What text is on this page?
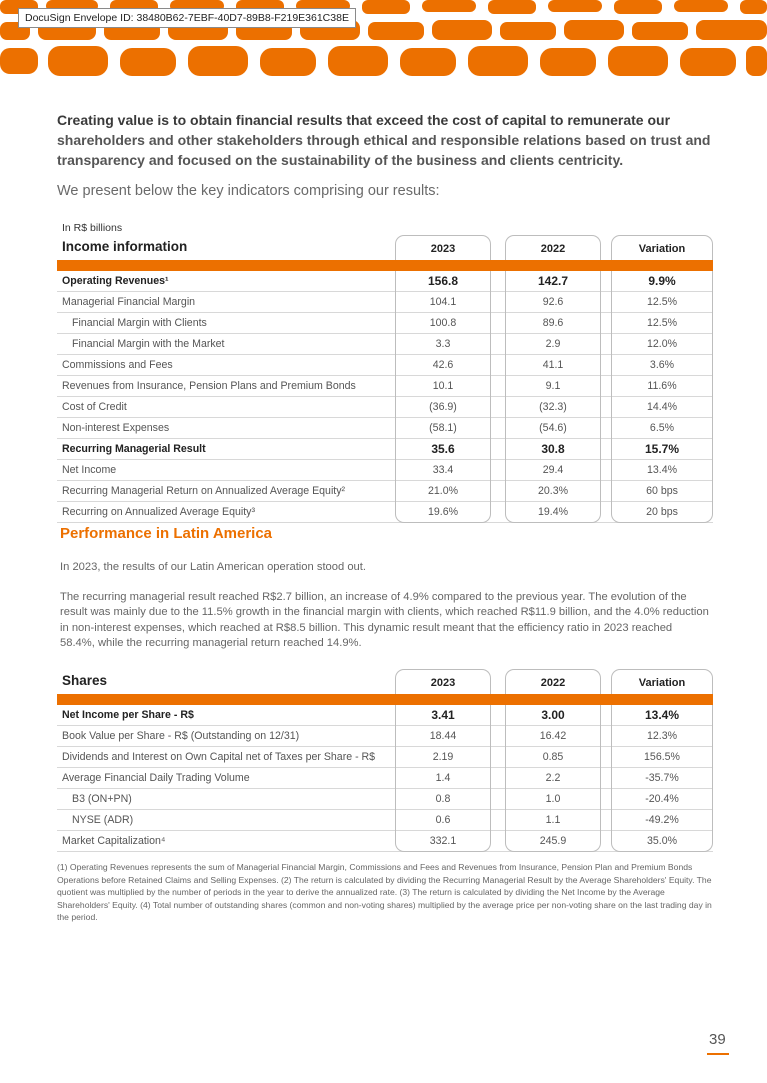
DocuSign Envelope ID: 38480B62-7EBF-40D7-89B8-F219E361C38E
Creating value is to obtain financial results that exceed the cost of capital to remunerate our shareholders and other stakeholders through ethical and responsible relations based on trust and transparency and focused on the sustainability of the business and clients centricity.
We present below the key indicators comprising our results:
In R$ billions
Income information	2023	2022	Variation
Operating Revenues¹	156.8	142.7	9.9%
Managerial Financial Margin	104.1	92.6	12.5%
Financial Margin with Clients	100.8	89.6	12.5%
Financial Margin with the Market	3.3	2.9	12.0%
Commissions and Fees	42.6	41.1	3.6%
Revenues from Insurance, Pension Plans and Premium Bonds	10.1	9.1	11.6%
Cost of Credit	(36.9)	(32.3)	14.4%
Non-interest Expenses	(58.1)	(54.6)	6.5%
Recurring Managerial Result	35.6	30.8	15.7%
Net Income	33.4	29.4	13.4%
Recurring Managerial Return on Annualized Average Equity²	21.0%	20.3%	60 bps
Recurring on Annualized Average Equity³	19.6%	19.4%	20 bps
Performance in Latin America
In 2023, the results of our Latin American operation stood out.
The recurring managerial result reached R$2.7 billion, an increase of 4.9% compared to the previous year. The evolution of the result was mainly due to the 11.5% growth in the financial margin with clients, which reached R$11.9 billion, and the 4.0% reduction in non-interest expenses, which reached at R$8.5 billion. This dynamic result meant that the efficiency ratio in 2023 reached 58.4%, while the recurring managerial return reached 14.9%.
Shares	2023	2022	Variation
Net Income per Share - R$	3.41	3.00	13.4%
Book Value per Share - R$ (Outstanding on 12/31)	18.44	16.42	12.3%
Dividends and Interest on Own Capital net of Taxes per Share - R$	2.19	0.85	156.5%
Average Financial Daily Trading Volume	1.4	2.2	-35.7%
B3 (ON+PN)	0.8	1.0	-20.4%
NYSE (ADR)	0.6	1.1	-49.2%
Market Capitalization⁴	332.1	245.9	35.0%
(1) Operating Revenues represents the sum of Managerial Financial Margin, Commissions and Fees and Revenues from Insurance, Pension Plan and Premium Bonds Operations before Retained Claims and Selling Expenses. (2) The return is calculated by dividing the Recurring Managerial Result by the Average Shareholders' Equity. The quotient was multiplied by the number of periods in the year to derive the annualized rate. (3) The return is calculated by dividing the Net Income by the Average Shareholders' Equity. (4) Total number of outstanding shares (common and non-voting shares) multiplied by the average price per non-voting share on the last trading day in the period.
39
